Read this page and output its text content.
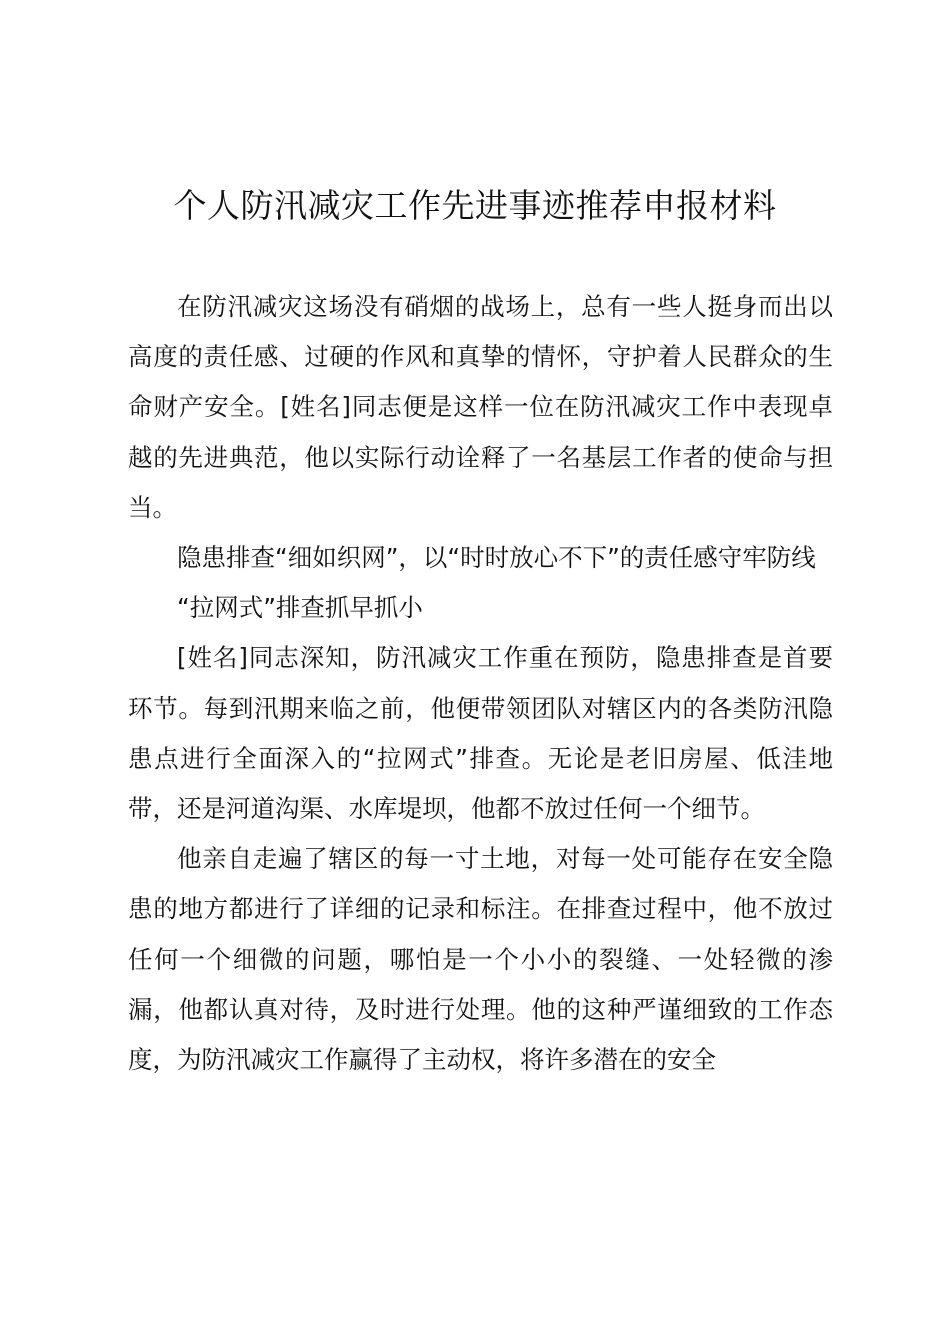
个人防汛减灾工作先进事迹推荐申报材料

在防汛减灾这场没有硝烟的战场上，总有一些人挺身而出以高度的责任感、过硬的作风和真挚的情怀，守护着人民群众的生命财产安全。[姓名]同志便是这样一位在防汛减灾工作中表现卓越的先进典范，他以实际行动诠释了一名基层工作者的使命与担当。

隐患排查“细如织网”，以“时时放心不下”的责任感守牢防线

“拉网式”排查抓早抓小

[姓名]同志深知，防汛减灾工作重在预防，隐患排查是首要环节。每到汛期来临之前，他便带领团队对辖区内的各类防汛隐患点进行全面深入的“拉网式”排查。无论是老旧房屋、低洼地带，还是河道沟渠、水库堤坝，他都不放过任何一个细节。

他亲自走遍了辖区的每一寸土地，对每一处可能存在安全隐患的地方都进行了详细的记录和标注。在排查过程中，他不放过任何一个细微的问题，哪怕是一个小小的裂缝、一处轻微的渗漏，他都认真对待，及时进行处理。他的这种严谨细致的工作态度，为防汛减灾工作赢得了主动权，将许多潜在的安全
